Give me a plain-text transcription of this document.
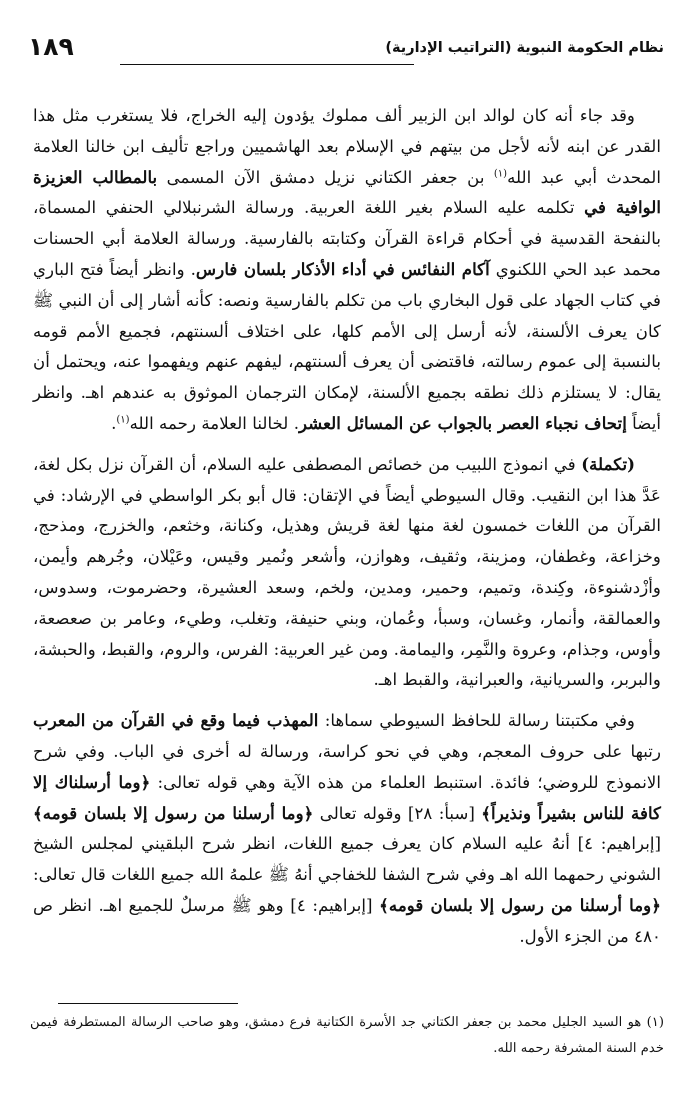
نظام الحكومة النبوية (التراتيب الإدارية)
١٨٩

وقد جاء أنه كان لوالد ابن الزبير ألف مملوك يؤدون إليه الخراج، فلا يستغرب مثل هذا القدر عن ابنه لأنه لأجل من بيتهم في الإسلام بعد الهاشميين وراجع تأليف ابن خالنا العلامة المحدث أبي عبد الله$^{(١)}$ بن جعفر الكتاني نزيل دمشق الآن المسمى بالمطالب العزيزة الوافية في تكلمه عليه السلام بغير اللغة العربية. ورسالة الشرنبلالي الحنفي المسماة، بالنفحة القدسية في أحكام قراءة القرآن وكتابته بالفارسية. ورسالة العلامة أبي الحسنات محمد عبد الحي اللكنوي آكام النفائس في أداء الأذكار بلسان فارس. وانظر أيضاً فتح الباري في كتاب الجهاد على قول البخاري باب من تكلم بالفارسية ونصه: كأنه أشار إلى أن النبي ﷺ كان يعرف الألسنة، لأنه أرسل إلى الأمم كلها، على اختلاف ألسنتهم، فجميع الأمم قومه بالنسبة إلى عموم رسالته، فاقتضى أن يعرف ألسنتهم، ليفهم عنهم ويفهموا عنه، ويحتمل أن يقال: لا يستلزم ذلك نطقه بجميع الألسنة، لإمكان الترجمان الموثوق به عندهم اهـ. وانظر أيضاً إتحاف نجباء العصر بالجواب عن المسائل العشر. لخالنا العلامة رحمه الله$^{(١)}$.

(تكملة) في انموذج اللبيب من خصائص المصطفى عليه السلام، أن القرآن نزل بكل لغة، عَدَّ هذا ابن النقيب. وقال السيوطي أيضاً في الإتقان: قال أبو بكر الواسطي في الإرشاد: في القرآن من اللغات خمسون لغة منها لغة قريش وهذيل، وكنانة، وخثعم، والخزرج، ومذحج، وخزاعة، وغطفان، ومزينة، وثقيف، وهوازن، وأشعر ونُمير وقيس، وعَيْلان، وجُرهم وأيمن، وأزْدشنوءة، وكِندة، وتميم، وحمير، ومدين، ولخم، وسعد العشيرة، وحضرموت، وسدوس، والعمالقة، وأنمار، وغسان، وسبأ، وعُمان، وبني حنيفة، وتغلب، وطيء، وعامر بن صعصعة، وأوس، وجذام، وعروة والنَّمِر، واليمامة. ومن غير العربية: الفرس، والروم، والقبط، والحبشة، والبربر، والسريانية، والعبرانية، والقبط اهـ.

وفي مكتبتنا رسالة للحافظ السيوطي سماها: المهذب فيما وقع في القرآن من المعرب رتبها على حروف المعجم، وهي في نحو كراسة، ورسالة له أخرى في الباب. وفي شرح الانموذج للروضي؛ فائدة. استنبط العلماء من هذه الآية وهي قوله تعالى: ﴿وما أرسلناك إلا كافة للناس بشيراً ونذيراً﴾ [سبأ: ٢٨] وقوله تعالى ﴿وما أرسلنا من رسول إلا بلسان قومه﴾ [إبراهيم: ٤] أنهُ عليه السلام كان يعرف جميع اللغات، انظر شرح البلقيني لمجلس الشيخ الشوني رحمهما الله اهـ وفي شرح الشفا للخفاجي أنهُ ﷺ علمهُ الله جميع اللغات قال تعالى: ﴿وما أرسلنا من رسول إلا بلسان قومه﴾ [إبراهيم: ٤] وهو ﷺ مرسلٌ للجميع اهـ. انظر ص ٤٨٠ من الجزء الأول.

(١) هو السيد الجليل محمد بن جعفر الكتاني جد الأسرة الكتانية فرع دمشق، وهو صاحب الرسالة المستطرفة فيمن خدم السنة المشرفة رحمه الله.
